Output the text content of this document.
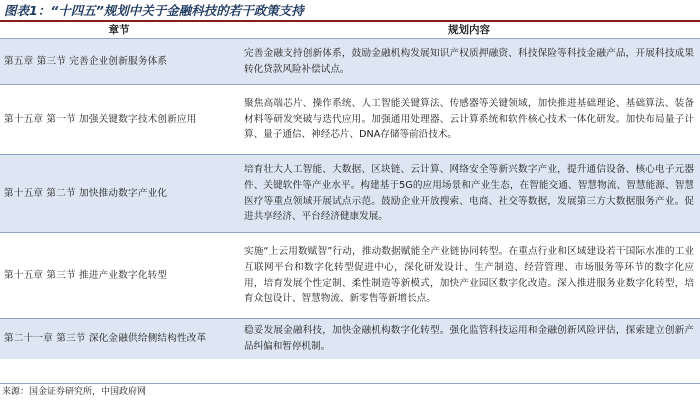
图表1：“十四五”规划中关于金融科技的若干政策支持
章节	规划内容
第五章 第三节 完善企业创新服务体系	完善金融支持创新体系，鼓励金融机构发展知识产权质押融资、科技保险等科技金融产品，开展科技成果转化贷款风险补偿试点。
第十五章 第一节 加强关键数字技术创新应用	聚焦高端芯片、操作系统、人工智能关键算法、传感器等关键领域，加快推进基础理论、基础算法、装备材料等研发突破与迭代应用。加强通用处理器、云计算系统和软件核心技术一体化研发。加快布局量子计算、量子通信、神经芯片、DNA存储等前沿技术。
第十五章 第二节 加快推动数字产业化	培育壮大人工智能、大数据、区块链、云计算、网络安全等新兴数字产业，提升通信设备、核心电子元器件、关键软件等产业水平。构建基于5G的应用场景和产业生态，在智能交通、智慧物流、智慧能源、智慧医疗等重点领域开展试点示范。鼓励企业开放搜索、电商、社交等数据，发展第三方大数据服务产业。促进共享经济、平台经济健康发展。
第十五章 第三节 推进产业数字化转型	实施“上云用数赋智”行动，推动数据赋能全产业链协同转型。在重点行业和区域建设若干国际水准的工业互联网平台和数字化转型促进中心，深化研发设计、生产制造、经营管理、市场服务等环节的数字化应用，培育发展个性定制、柔性制造等新模式，加快产业园区数字化改造。深入推进服务业数字化转型，培育众包设计、智慧物流、新零售等新增长点。
第二十一章 第三节 深化金融供给侧结构性改革	稳妥发展金融科技，加快金融机构数字化转型。强化监管科技运用和金融创新风险评估，探索建立创新产品纠偏和暂停机制。
来源：国金证券研究所，中国政府网
